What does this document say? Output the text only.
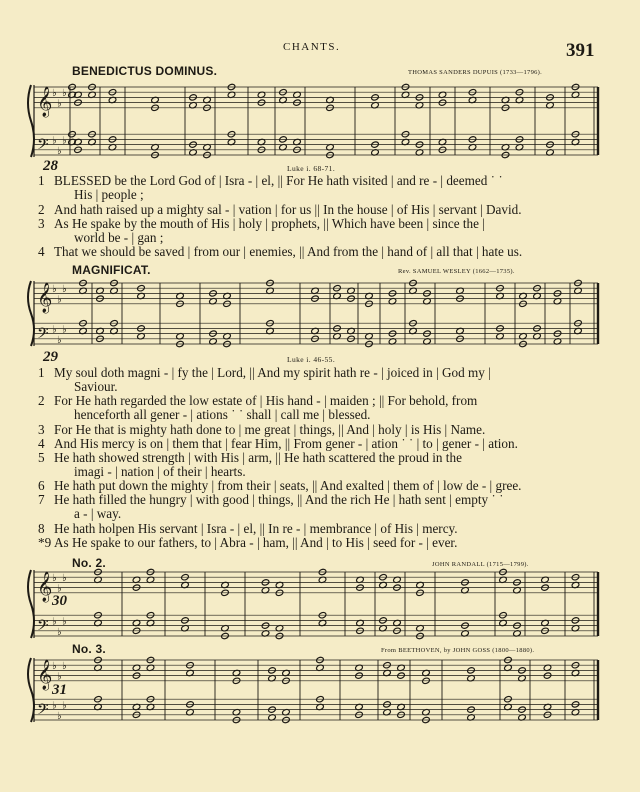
CHANTS.	391
BENEDICTUS DOMINUS.	THOMAS SANDERS DUPUIS (1733—1796).
𝄞 ♭
♭
♭
𝄢 ♭
♭
♭
28	Luke i. 68-71.
1 BLESSED be the Lord God of | Isra - | el, || For He hath visited | and re - | deemed ˙ ˙
His | people ;
2 And hath raised up a mighty sal - | vation | for us || In the house | of His | servant | David.
3 As He spake by the mouth of His | holy | prophets, || Which have been | since the |
world be - | gan ;
4 That we should be saved | from our | enemies, || And from the | hand of | all that | hate us.
MAGNIFICAT.	Rev. SAMUEL WESLEY (1662—1735).
𝄞 ♭
♭
♭
𝄢 ♭
♭
♭
29	Luke i. 46-55.
1 My soul doth magni - | fy the | Lord, || And my spirit hath re - | joiced in | God my |
Saviour.
2 For He hath regarded the low estate of | His hand - | maiden ; || For behold, from
henceforth all gener - | ations ˙ ˙ shall | call me | blessed.
3 For He that is mighty hath done to | me great | things, || And | holy | is His | Name.
4 And His mercy is on | them that | fear Him, || From gener - | ation ˙ ˙ | to | gener - | ation.
5 He hath showed strength | with His | arm, || He hath scattered the proud in the
imagi - | nation | of their | hearts.
6 He hath put down the mighty | from their | seats, || And exalted | them of | low de - | gree.
7 He hath filled the hungry | with good | things, || And the rich He | hath sent | empty ˙ ˙
a - | way.
8 He hath holpen His servant | Isra - | el, || In re - | membrance | of His | mercy.
*9 As He spake to our fathers, to | Abra - | ham, || And | to His | seed for - | ever.
No. 2.	JOHN RANDALL (1715—1799).
𝄞 ♭
♭
♭
𝄢 ♭
♭
♭
30
No. 3.	From BEETHOVEN, by JOHN GOSS (1800—1880).
𝄞 ♭
♭
♭
𝄢 ♭
♭
♭
31
